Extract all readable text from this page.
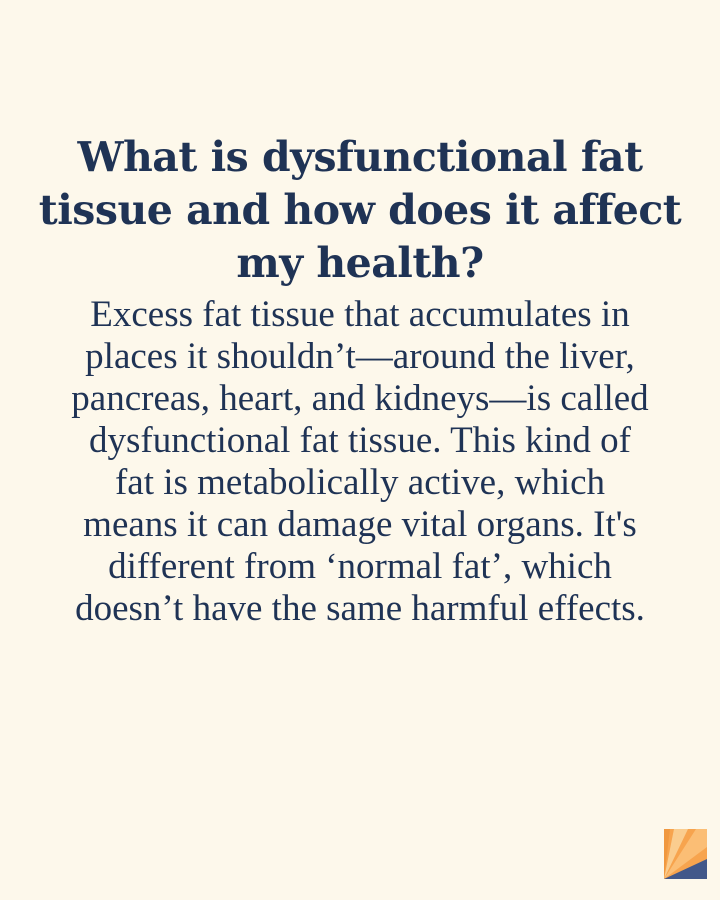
What is dysfunctional fat
tissue and how does it affect
my health?
Excess fat tissue that accumulates in
places it shouldn’t—around the liver,
pancreas, heart, and kidneys—is called
dysfunctional fat tissue. This kind of
fat is metabolically active, which
means it can damage vital organs. It's
different from ‘normal fat’, which
doesn’t have the same harmful effects.
